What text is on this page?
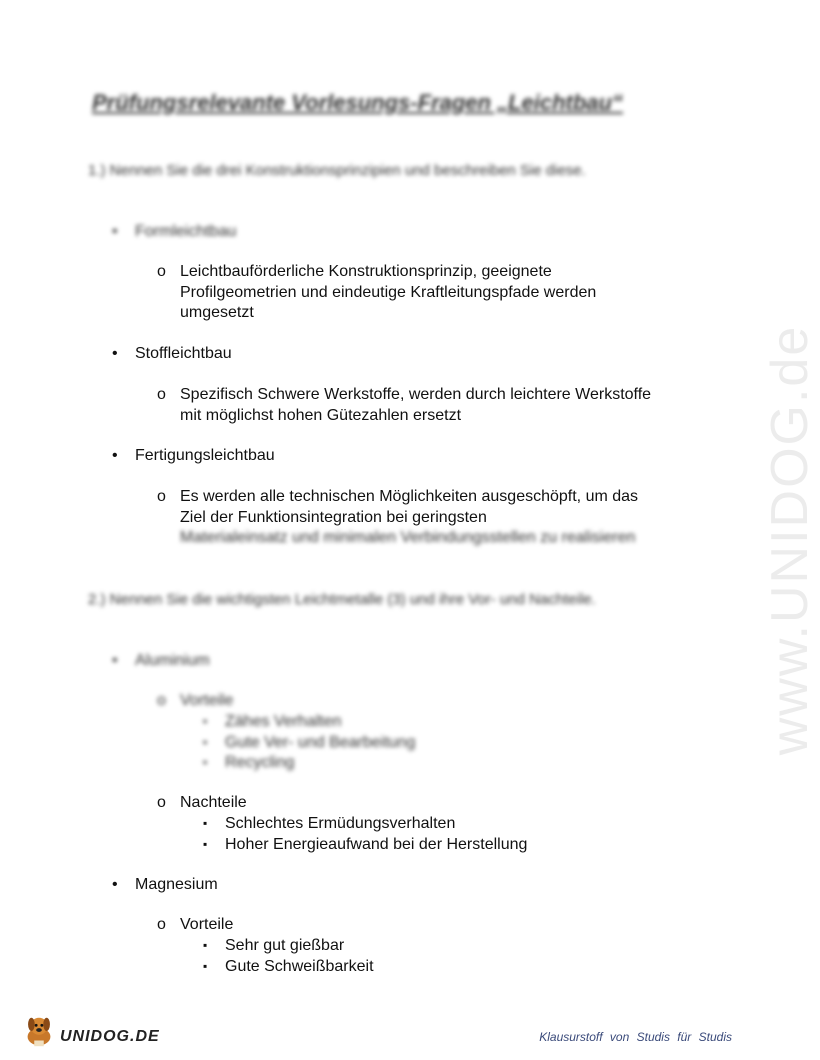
www.UNIDOG.de
Prüfungsrelevante Vorlesungs-Fragen „Leichtbau“
1.) Nennen Sie die drei Konstruktionsprinzipien und beschreiben Sie diese.
• Formleichtbau
o Leichtbauförderliche Konstruktionsprinzip, geeignete Profilgeometrien und eindeutige Kraftleitungspfade werden umgesetzt
• Stoffleichtbau
o Spezifisch Schwere Werkstoffe, werden durch leichtere Werkstoffe mit möglichst hohen Gütezahlen ersetzt
• Fertigungsleichtbau
o Es werden alle technischen Möglichkeiten ausgeschöpft, um das Ziel der Funktionsintegration bei geringsten
Materialeinsatz und minimalen Verbindungsstellen zu realisieren
2.) Nennen Sie die wichtigsten Leichtmetalle (3) und ihre Vor- und Nachteile.
• Aluminium
o Vorteile
▪ Zähes Verhalten
▪ Gute Ver- und Bearbeitung
▪ Recycling
o Nachteile
▪ Schlechtes Ermüdungsverhalten
▪ Hoher Energieaufwand bei der Herstellung
• Magnesium
o Vorteile
▪ Sehr gut gießbar
▪ Gute Schweißbarkeit
UNIDOG.DE	Klausurstoff von Studis für Studis
